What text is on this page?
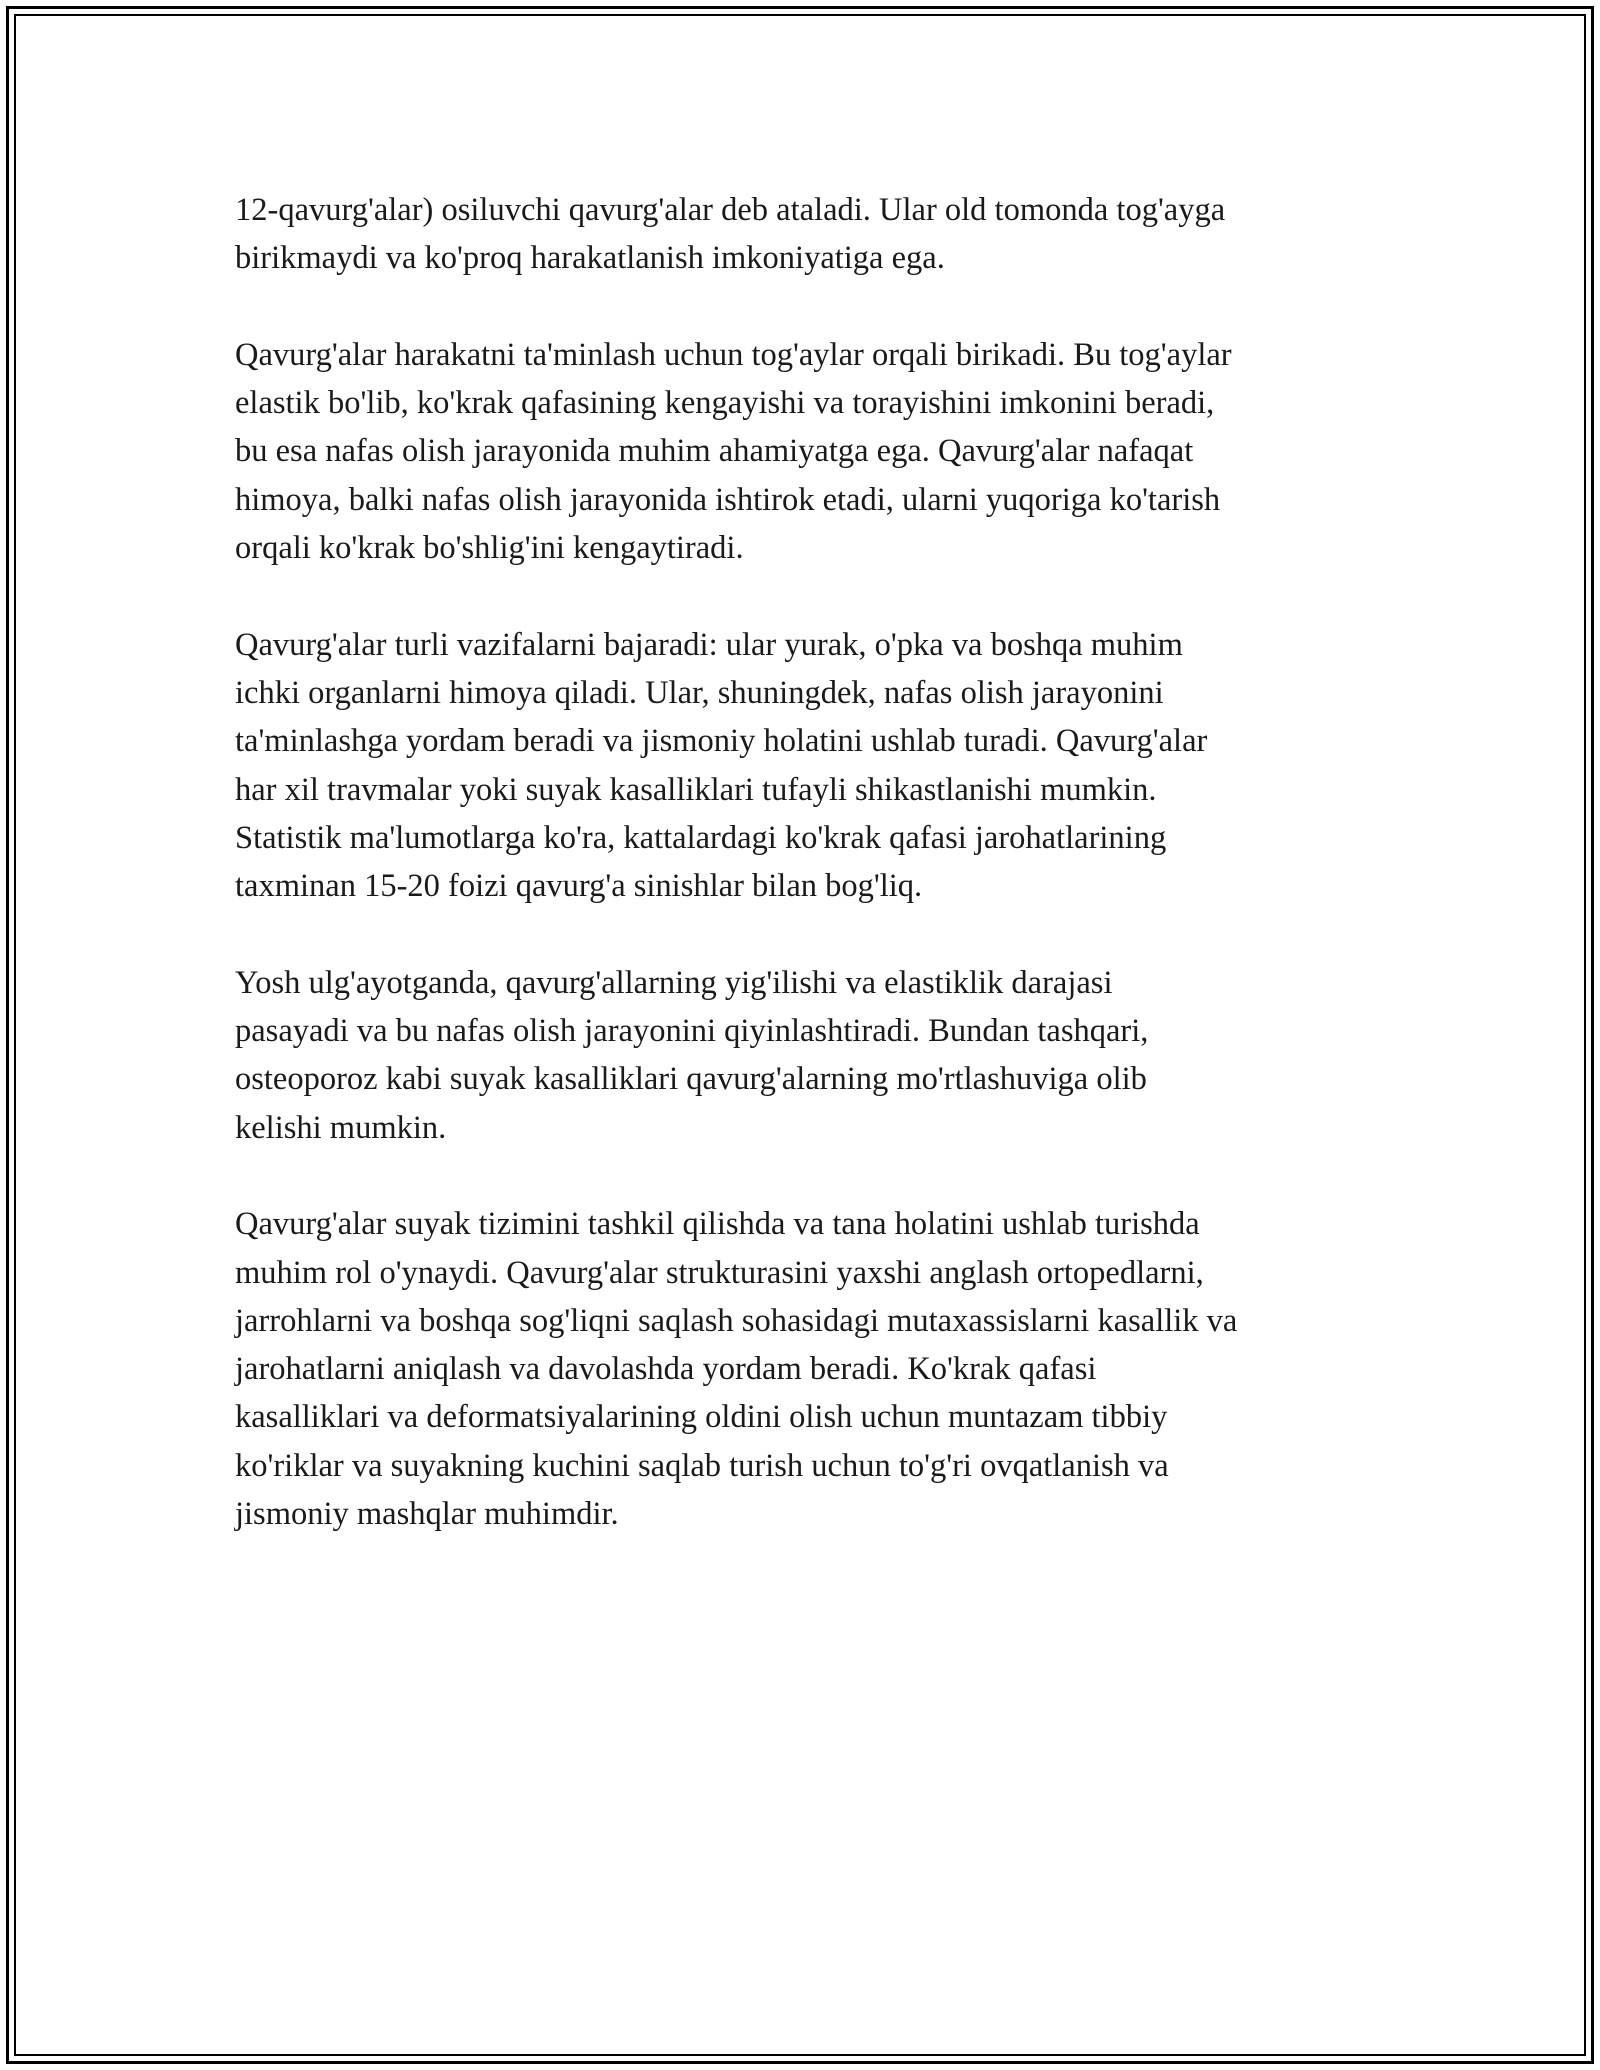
12-qavurg'alar) osiluvchi qavurg'alar deb ataladi. Ular old tomonda tog'ayga
birikmaydi va ko'proq harakatlanish imkoniyatiga ega.

Qavurg'alar harakatni ta'minlash uchun tog'aylar orqali birikadi. Bu tog'aylar
elastik bo'lib, ko'krak qafasining kengayishi va torayishini imkonini beradi,
bu esa nafas olish jarayonida muhim ahamiyatga ega. Qavurg'alar nafaqat
himoya, balki nafas olish jarayonida ishtirok etadi, ularni yuqoriga ko'tarish
orqali ko'krak bo'shlig'ini kengaytiradi.

Qavurg'alar turli vazifalarni bajaradi: ular yurak, o'pka va boshqa muhim
ichki organlarni himoya qiladi. Ular, shuningdek, nafas olish jarayonini
ta'minlashga yordam beradi va jismoniy holatini ushlab turadi. Qavurg'alar
har xil travmalar yoki suyak kasalliklari tufayli shikastlanishi mumkin.
Statistik ma'lumotlarga ko'ra, kattalardagi ko'krak qafasi jarohatlarining
taxminan 15-20 foizi qavurg'a sinishlar bilan bog'liq.

Yosh ulg'ayotganda, qavurg'allarning yig'ilishi va elastiklik darajasi
pasayadi va bu nafas olish jarayonini qiyinlashtiradi. Bundan tashqari,
osteoporoz kabi suyak kasalliklari qavurg'alarning mo'rtlashuviga olib
kelishi mumkin.

Qavurg'alar suyak tizimini tashkil qilishda va tana holatini ushlab turishda
muhim rol o'ynaydi. Qavurg'alar strukturasini yaxshi anglash ortopedlarni,
jarrohlarni va boshqa sog'liqni saqlash sohasidagi mutaxassislarni kasallik va
jarohatlarni aniqlash va davolashda yordam beradi. Ko'krak qafasi
kasalliklari va deformatsiyalarining oldini olish uchun muntazam tibbiy
ko'riklar va suyakning kuchini saqlab turish uchun to'g'ri ovqatlanish va
jismoniy mashqlar muhimdir.
